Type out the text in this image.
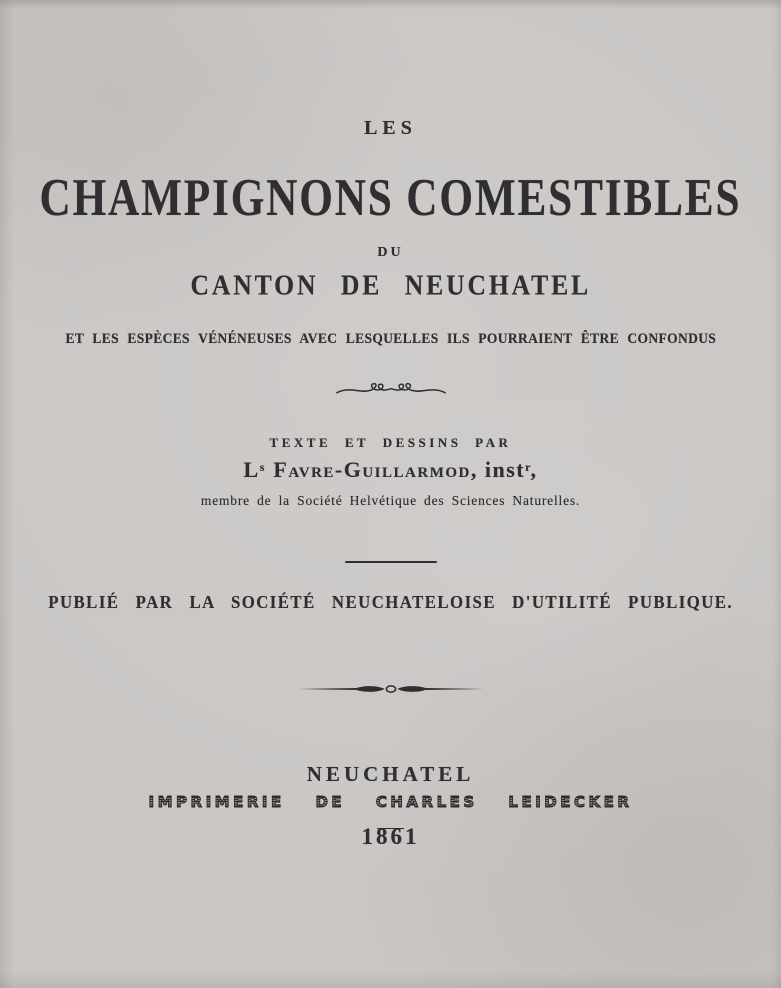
LES
CHAMPIGNONS COMESTIBLES
DU
CANTON DE NEUCHATEL
ET LES ESPÈCES VÉNÉNEUSES AVEC LESQUELLES ILS POURRAIENT ÊTRE CONFONDUS
TEXTE ET DESSINS PAR
$L^s$ Favre-Guillarmod, inst$^r$,
membre de la Société Helvétique des Sciences Naturelles.
PUBLIÉ PAR LA SOCIÉTÉ NEUCHATELOISE D'UTILITÉ PUBLIQUE.
NEUCHATEL
IMPRIMERIE DE CHARLES LEIDECKER
1861
